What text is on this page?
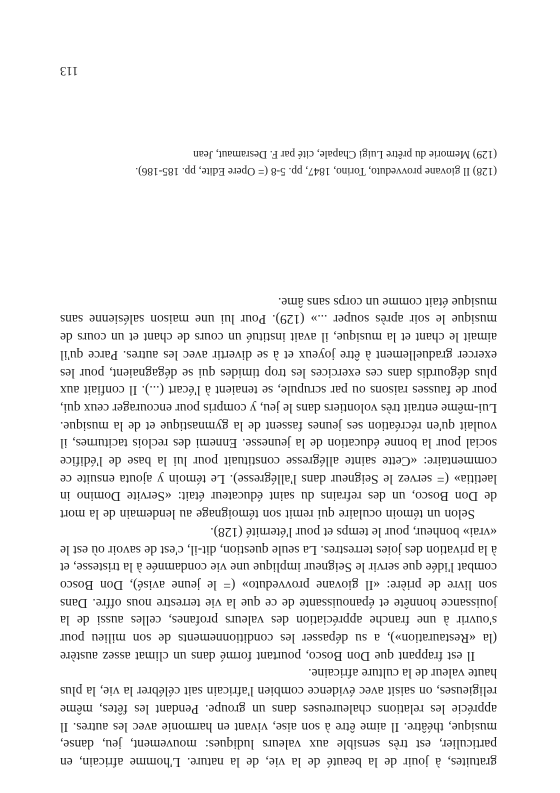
gratuites, à jouir de la beauté de la vie, de la nature. L'homme africain, en particulier, est très sensible aux valeurs ludiques: mouvement, jeu, danse, musique, théâtre. Il aime être à son aise, vivant en harmonie avec les autres. Il apprécie les relations chaleureuses dans un groupe. Pendant les fêtes, même religieuses, on saisit avec évidence combien l'africain sait célébrer la vie, la plus haute valeur de la culture africaine.

Il est frappant que Don Bosco, pourtant formé dans un climat assez austère (la «Restauration»), a su dépasser les conditionnements de son milieu pour s'ouvrir à une franche appréciation des valeurs profanes, celles aussi de la jouissance honnête et épanouissante de ce que la vie terrestre nous offre. Dans son livre de prière: «Il giovane provveduto» (= le jeune avisé), Don Bosco combat l'idée que servir le Seigneur implique une vie condamnée à la tristesse, et à la privation des joies terrestres. La seule question, dit-il, c'est de savoir où est le «vrai» bonheur, pour le temps et pour l'éternité (128).

Selon un témoin oculaire qui remit son témoignage au lendemain de la mort de Don Bosco, un des refrains du saint éducateur était: «Servite Domino in laetitia» (= servez le Seigneur dans l'allégresse). Le témoin y ajouta ensuite ce commentaire: «Cette sainte allégresse constituait pour lui la base de l'édifice social pour la bonne éducation de la jeunesse. Ennemi des reclois taciturnes, il voulait qu'en récréation ses jeunes fassent de la gymnastique et de la musique. Lui-même entrait très volontiers dans le jeu, y compris pour encourager ceux qui, pour de fausses raisons ou par scrupule, se tenaient à l'écart (...). Il confiait aux plus dégourdis dans ces exercices les trop timides qui se dégagnaient, pour les exercer graduellement à être joyeux et à se divertir avec les autres. Parce qu'il aimait le chant et la musique, il avait institué un cours de chant et un cours de musique le soir après souper ...» (129). Pour lui une maison salésienne sans musique était comme un corps sans âme.

(128) Il giovane provveduto, Torino, 1847, pp. 5-8 (= Opere Edite, pp. 185-186).

(129) Memorie du prêtre Luigi Chapale, cité par F. Desramaut, Jean

113
